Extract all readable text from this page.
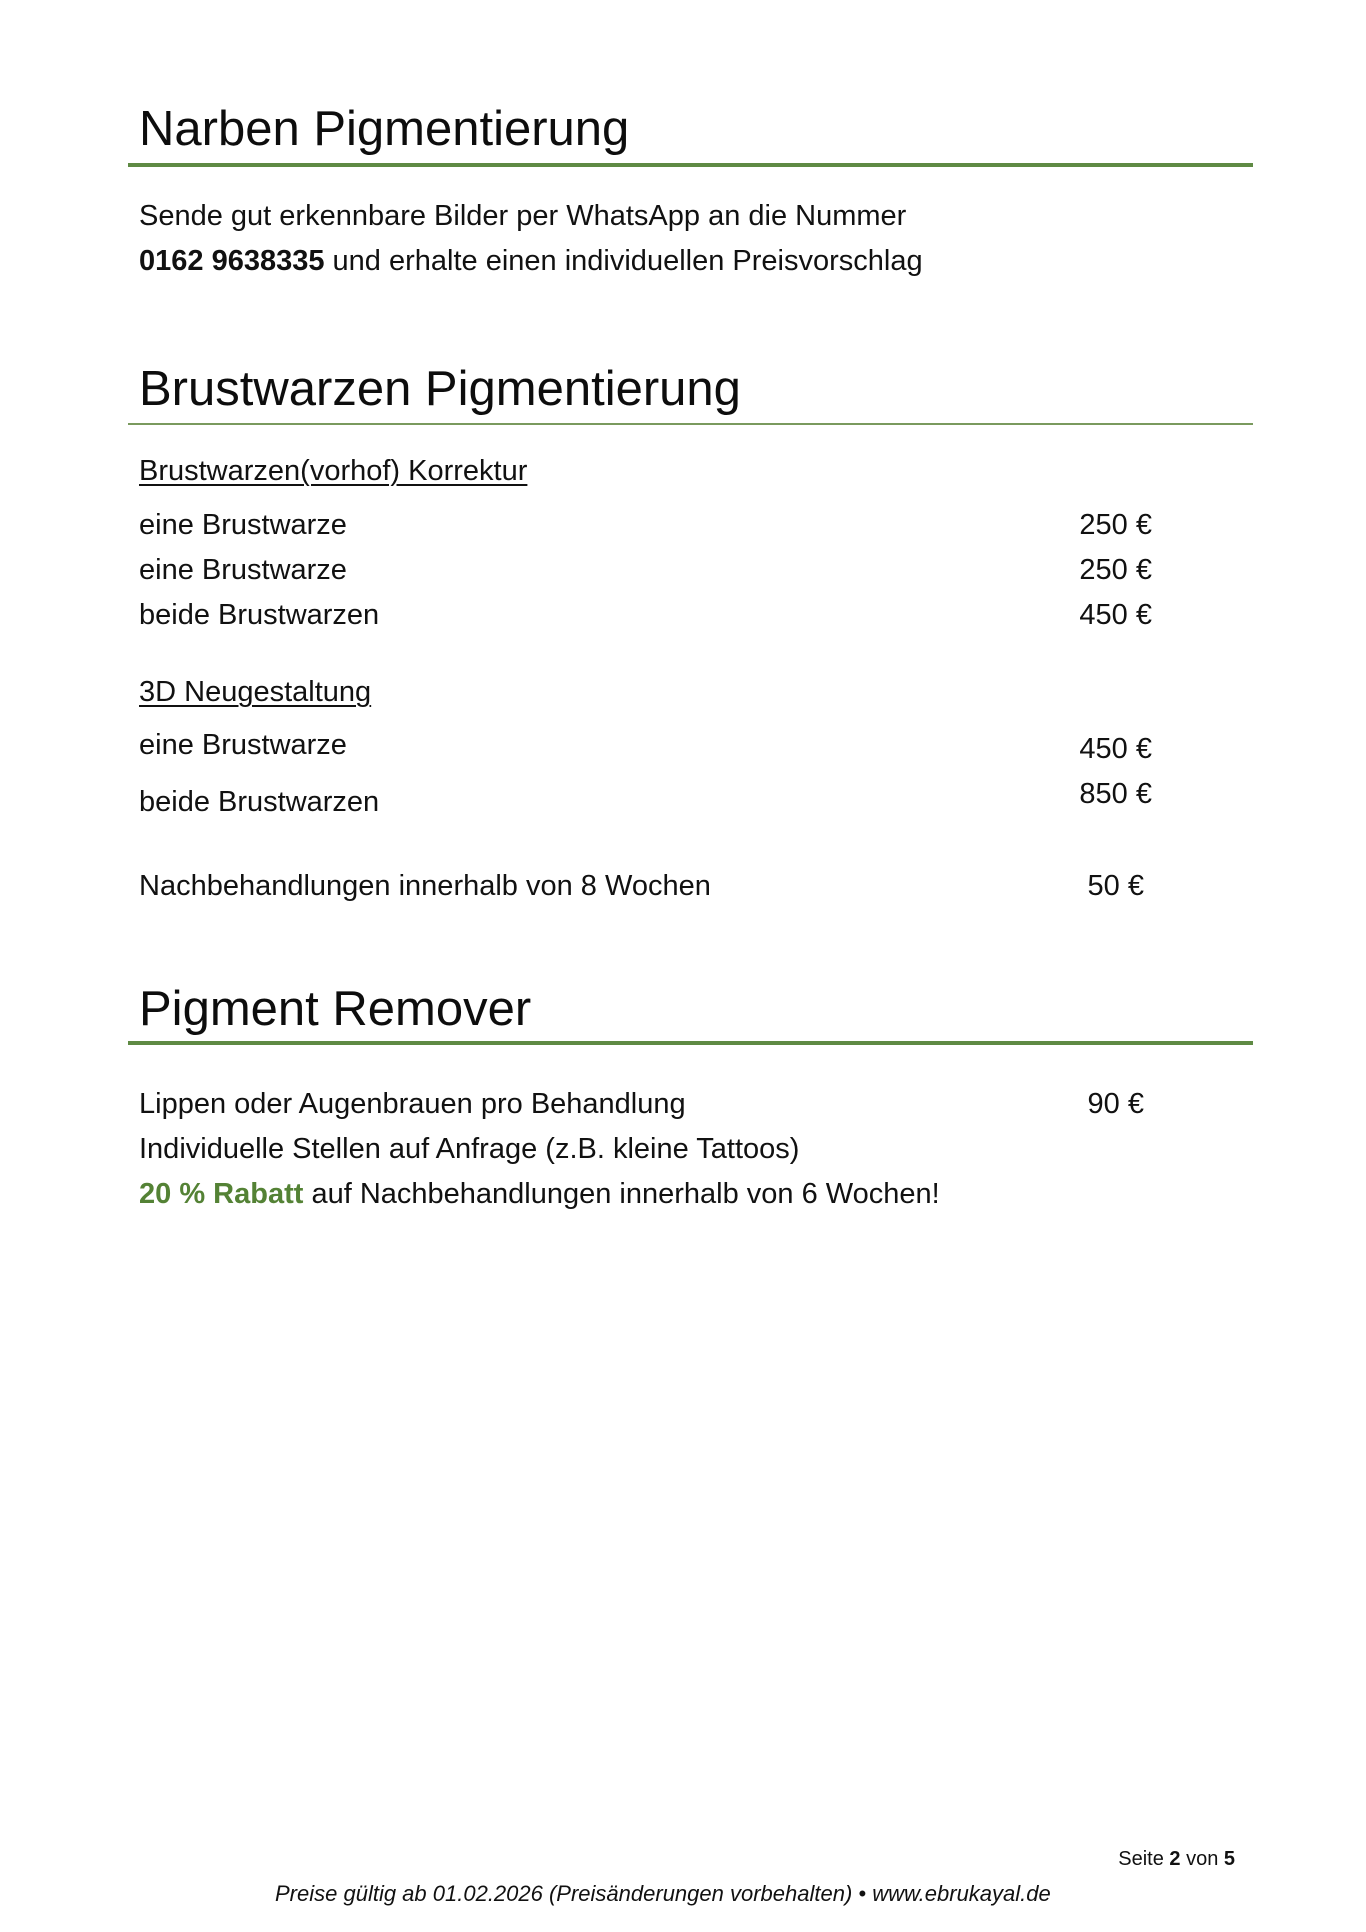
Narben Pigmentierung
Sende gut erkennbare Bilder per WhatsApp an die Nummer
0162 9638335 und erhalte einen individuellen Preisvorschlag
Brustwarzen Pigmentierung
Brustwarzen(vorhof) Korrektur
eine Brustwarze	250 €
eine Brustwarze	250 €
beide Brustwarzen	450 €
3D Neugestaltung
eine Brustwarze	450 €
beide Brustwarzen	850 €
Nachbehandlungen innerhalb von 8 Wochen	50 €
Pigment Remover
Lippen oder Augenbrauen pro Behandlung	90 €
Individuelle Stellen auf Anfrage (z.B. kleine Tattoos)
20 % Rabatt auf Nachbehandlungen innerhalb von 6 Wochen!
Seite 2 von 5
Preise gültig ab 01.02.2026 (Preisänderungen vorbehalten) • www.ebrukayal.de
